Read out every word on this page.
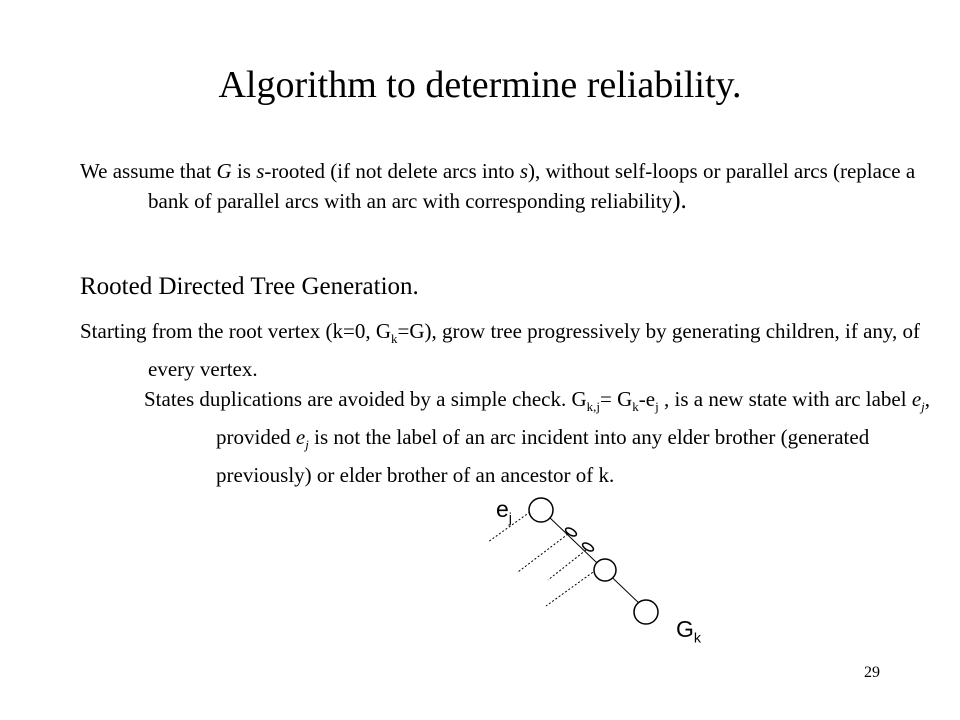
Algorithm to determine reliability.

We assume that G is s-rooted (if not delete arcs into s), without self-loops or parallel arcs (replace a bank of parallel arcs with an arc with corresponding reliability).

Rooted Directed Tree Generation.

Starting from the root vertex (k=0, $G_k=G$), grow tree progressively by generating children, if any, of every vertex.

States duplications are avoided by a simple check. $G_{k,j}= G_k-e_j$ , is a new state with arc label $e_j$, provided $e_j$ is not the label of an arc incident into any elder brother (generated previously) or elder brother of an ancestor of k.

$e_j$
$G_k$
29
